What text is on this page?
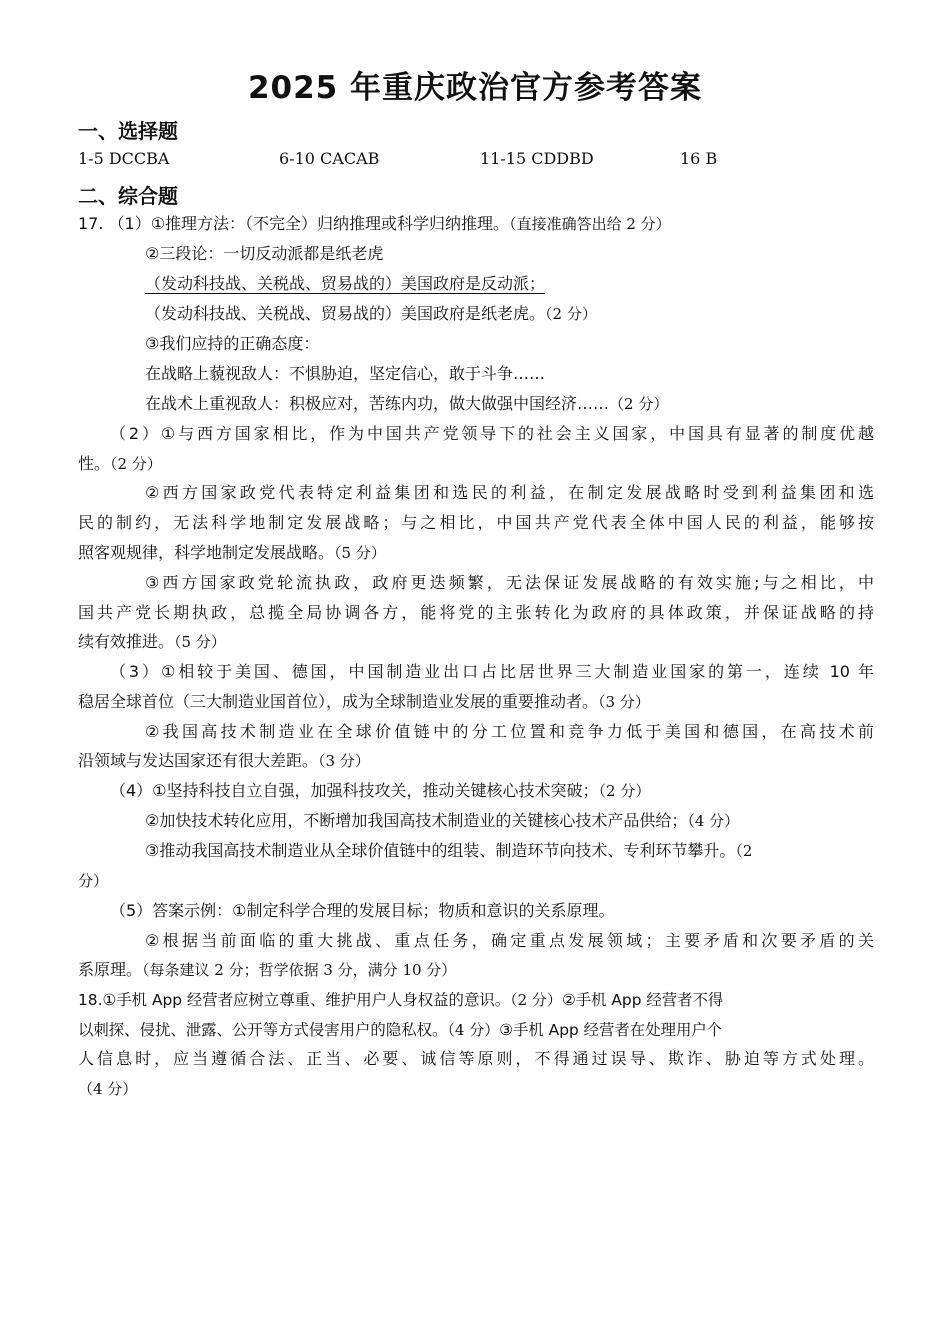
2025 年重庆政治官方参考答案
一、选择题
1-5 DCCBA	6-10 CACAB	11-15 CDDBD	16 B
二、综合题
17. （1）①推理方法：（不完全）归纳推理或科学归纳推理。（直接准确答出给 2 分）
②三段论：一切反动派都是纸老虎
（发动科技战、关税战、贸易战的）美国政府是反动派；
（发动科技战、关税战、贸易战的）美国政府是纸老虎。（2 分）
③我们应持的正确态度：
在战略上藐视敌人：不惧胁迫，坚定信心，敢于斗争……
在战术上重视敌人：积极应对，苦练内功，做大做强中国经济……（2 分）
（2）①与西方国家相比，作为中国共产党领导下的社会主义国家，中国具有显著的制度优越
性。（2 分）
②西方国家政党代表特定利益集团和选民的利益，在制定发展战略时受到利益集团和选
民的制约，无法科学地制定发展战略；与之相比，中国共产党代表全体中国人民的利益，能够按
照客观规律，科学地制定发展战略。（5 分）
③西方国家政党轮流执政，政府更迭频繁，无法保证发展战略的有效实施;与之相比，中
国共产党长期执政，总揽全局协调各方，能将党的主张转化为政府的具体政策，并保证战略的持
续有效推进。（5 分）
（3）①相较于美国、德国，中国制造业出口占比居世界三大制造业国家的第一，连续 10 年
稳居全球首位（三大制造业国首位），成为全球制造业发展的重要推动者。（3 分）
②我国高技术制造业在全球价值链中的分工位置和竞争力低于美国和德国，在高技术前
沿领域与发达国家还有很大差距。（3 分）
（4）①坚持科技自立自强，加强科技攻关，推动关键核心技术突破；（2 分）
②加快技术转化应用，不断增加我国高技术制造业的关键核心技术产品供给；（4 分）
③推动我国高技术制造业从全球价值链中的组装、制造环节向技术、专利环节攀升。（2
分）
（5）答案示例：①制定科学合理的发展目标；物质和意识的关系原理。
②根据当前面临的重大挑战、重点任务，确定重点发展领域；主要矛盾和次要矛盾的关
系原理。（每条建议 2 分；哲学依据 3 分，满分 10 分）
18.①手机 App 经营者应树立尊重、维护用户人身权益的意识。（2 分）②手机 App 经营者不得
以刺探、侵扰、泄露、公开等方式侵害用户的隐私权。（4 分）③手机 App 经营者在处理用户个
人信息时，应当遵循合法、正当、必要、诚信等原则，不得通过误导、欺诈、胁迫等方式处理。
（4 分）
